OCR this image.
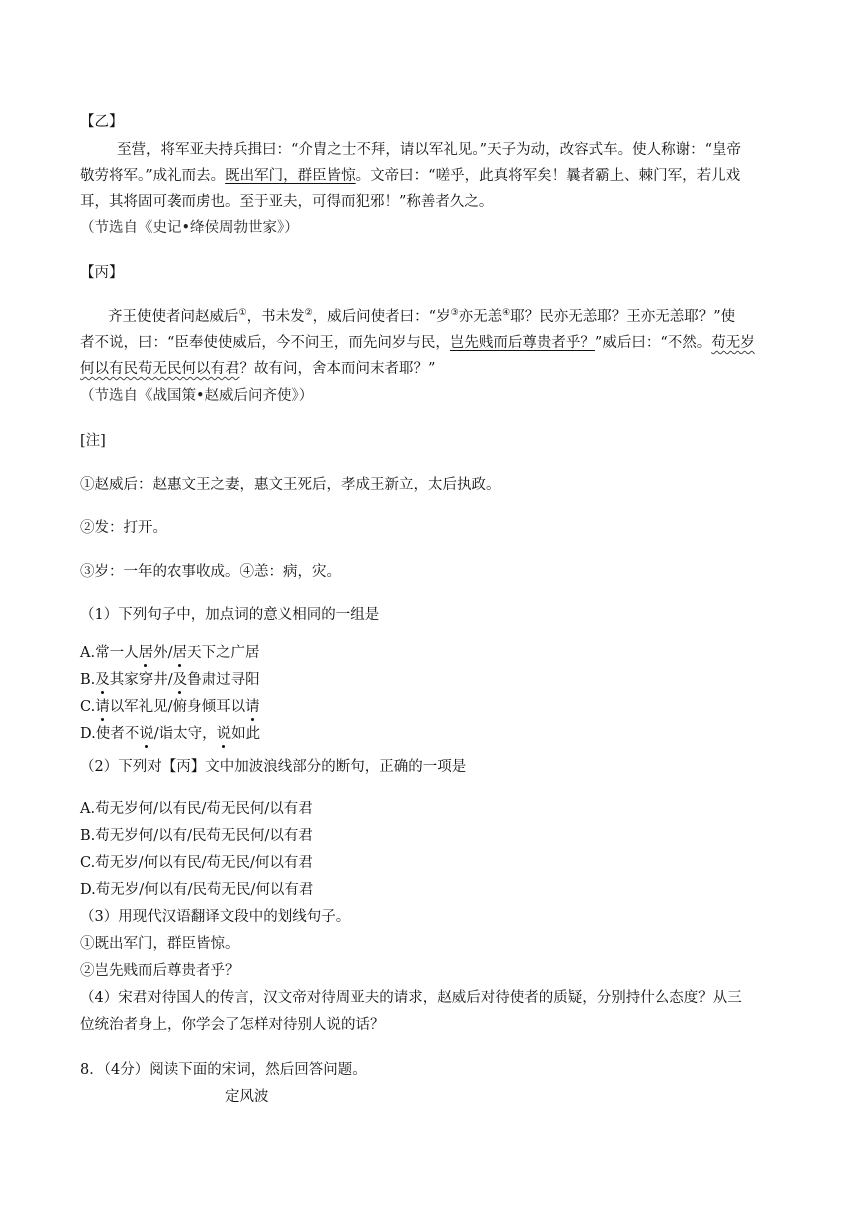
【乙】
至营，将军亚夫持兵揖曰：“介胄之士不拜，请以军礼见。”天子为动，改容式车。使人称谢：“皇帝
敬劳将军。”成礼而去。既出军门，群臣皆惊。文帝曰：“嗟乎，此真将军矣！曩者霸上、棘门军，若儿戏
耳，其将固可袭而虏也。至于亚夫，可得而犯邪！”称善者久之。
（节选自《史记•绛侯周勃世家》）
【丙】
齐王使使者问赵威后①，书未发②，威后问使者曰：“岁③亦无恙④耶？民亦无恙耶？王亦无恙耶？”使
者不说，曰：“臣奉使使威后，今不问王，而先问岁与民，岂先贱而后尊贵者乎？”威后曰：“不然。苟无岁
何以有民苟无民何以有君？故有问，舍本而问末者耶？”
（节选自《战国策•赵威后问齐使》）
[注]
①赵威后：赵惠文王之妻，惠文王死后，孝成王新立，太后执政。
②发：打开。
③岁：一年的农事收成。④恙：病，灾。
（1）下列句子中，加点词的意义相同的一组是
A.常一人居外/居天下之广居
B.及其家穿井/及鲁肃过寻阳
C.请以军礼见/俯身倾耳以请
D.使者不说/诣太守，说如此
（2）下列对【丙】文中加波浪线部分的断句，正确的一项是
A.苟无岁何/以有民/苟无民何/以有君
B.苟无岁何/以有/民苟无民何/以有君
C.苟无岁/何以有民/苟无民/何以有君
D.苟无岁/何以有/民苟无民/何以有君
（3）用现代汉语翻译文段中的划线句子。
①既出军门，群臣皆惊。
②岂先贱而后尊贵者乎？
（4）宋君对待国人的传言，汉文帝对待周亚夫的请求，赵威后对待使者的质疑，分别持什么态度？从三
位统治者身上，你学会了怎样对待别人说的话？
8．（4分）阅读下面的宋词，然后回答问题。
定风波
